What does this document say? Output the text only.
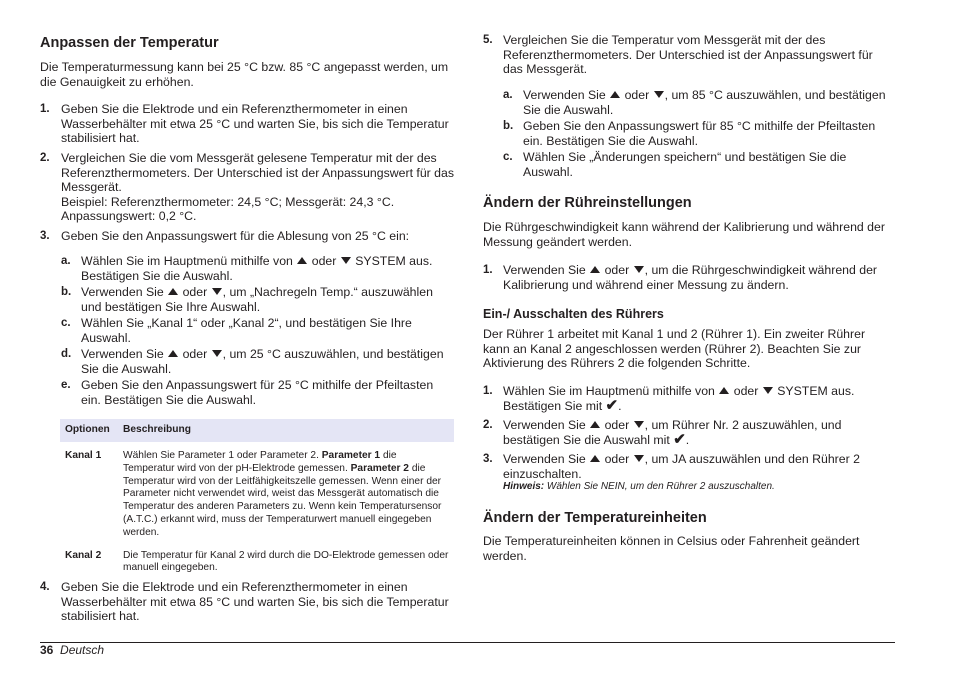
Anpassen der Temperatur
Die Temperaturmessung kann bei 25 °C bzw. 85 °C angepasst werden, um die Genauigkeit zu erhöhen.
1. Geben Sie die Elektrode und ein Referenzthermometer in einen Wasserbehälter mit etwa 25 °C und warten Sie, bis sich die Temperatur stabilisiert hat.
2. Vergleichen Sie die vom Messgerät gelesene Temperatur mit der des Referenzthermometers. Der Unterschied ist der Anpassungswert für das Messgerät.
Beispiel: Referenzthermometer: 24,5 °C; Messgerät: 24,3 °C.
Anpassungswert: 0,2 °C.
3. Geben Sie den Anpassungswert für die Ablesung von 25 °C ein:
a. Wählen Sie im Hauptmenü mithilfe von oder SYSTEM aus. Bestätigen Sie die Auswahl.
b. Verwenden Sie oder , um „Nachregeln Temp.“ auszuwählen und bestätigen Sie Ihre Auswahl.
c. Wählen Sie „Kanal 1“ oder „Kanal 2“, und bestätigen Sie Ihre Auswahl.
d. Verwenden Sie oder , um 25 °C auszuwählen, und bestätigen Sie die Auswahl.
e. Geben Sie den Anpassungswert für 25 °C mithilfe der Pfeiltasten ein. Bestätigen Sie die Auswahl.
Optionen	Beschreibung
Kanal 1	Wählen Sie Parameter 1 oder Parameter 2. Parameter 1 die Temperatur wird von der pH-Elektrode gemessen. Parameter 2 die Temperatur wird von der Leitfähigkeitszelle gemessen. Wenn einer der Parameter nicht verwendet wird, weist das Messgerät automatisch die Temperatur des anderen Parameters zu. Wenn kein Temperatursensor (A.T.C.) erkannt wird, muss der Temperaturwert manuell eingegeben werden.
Kanal 2	Die Temperatur für Kanal 2 wird durch die DO-Elektrode gemessen oder manuell eingegeben.
4. Geben Sie die Elektrode und ein Referenzthermometer in einen Wasserbehälter mit etwa 85 °C und warten Sie, bis sich die Temperatur stabilisiert hat.
5. Vergleichen Sie die Temperatur vom Messgerät mit der des Referenzthermometers. Der Unterschied ist der Anpassungswert für das Messgerät.
a. Verwenden Sie oder , um 85 °C auszuwählen, und bestätigen Sie die Auswahl.
b. Geben Sie den Anpassungswert für 85 °C mithilfe der Pfeiltasten ein. Bestätigen Sie die Auswahl.
c. Wählen Sie „Änderungen speichern“ und bestätigen Sie die Auswahl.
Ändern der Rühreinstellungen
Die Rührgeschwindigkeit kann während der Kalibrierung und während der Messung geändert werden.
1. Verwenden Sie oder , um die Rührgeschwindigkeit während der Kalibrierung und während einer Messung zu ändern.
Ein-/ Ausschalten des Rührers
Der Rührer 1 arbeitet mit Kanal 1 und 2 (Rührer 1). Ein zweiter Rührer kann an Kanal 2 angeschlossen werden (Rührer 2). Beachten Sie zur Aktivierung des Rührers 2 die folgenden Schritte.
1. Wählen Sie im Hauptmenü mithilfe von oder SYSTEM aus. Bestätigen Sie mit ✔.
2. Verwenden Sie oder , um Rührer Nr. 2 auszuwählen, und bestätigen Sie die Auswahl mit ✔.
3. Verwenden Sie oder , um JA auszuwählen und den Rührer 2 einzuschalten.
Hinweis: Wählen Sie NEIN, um den Rührer 2 auszuschalten.
Ändern der Temperatureinheiten
Die Temperatureinheiten können in Celsius oder Fahrenheit geändert werden.
36 Deutsch
